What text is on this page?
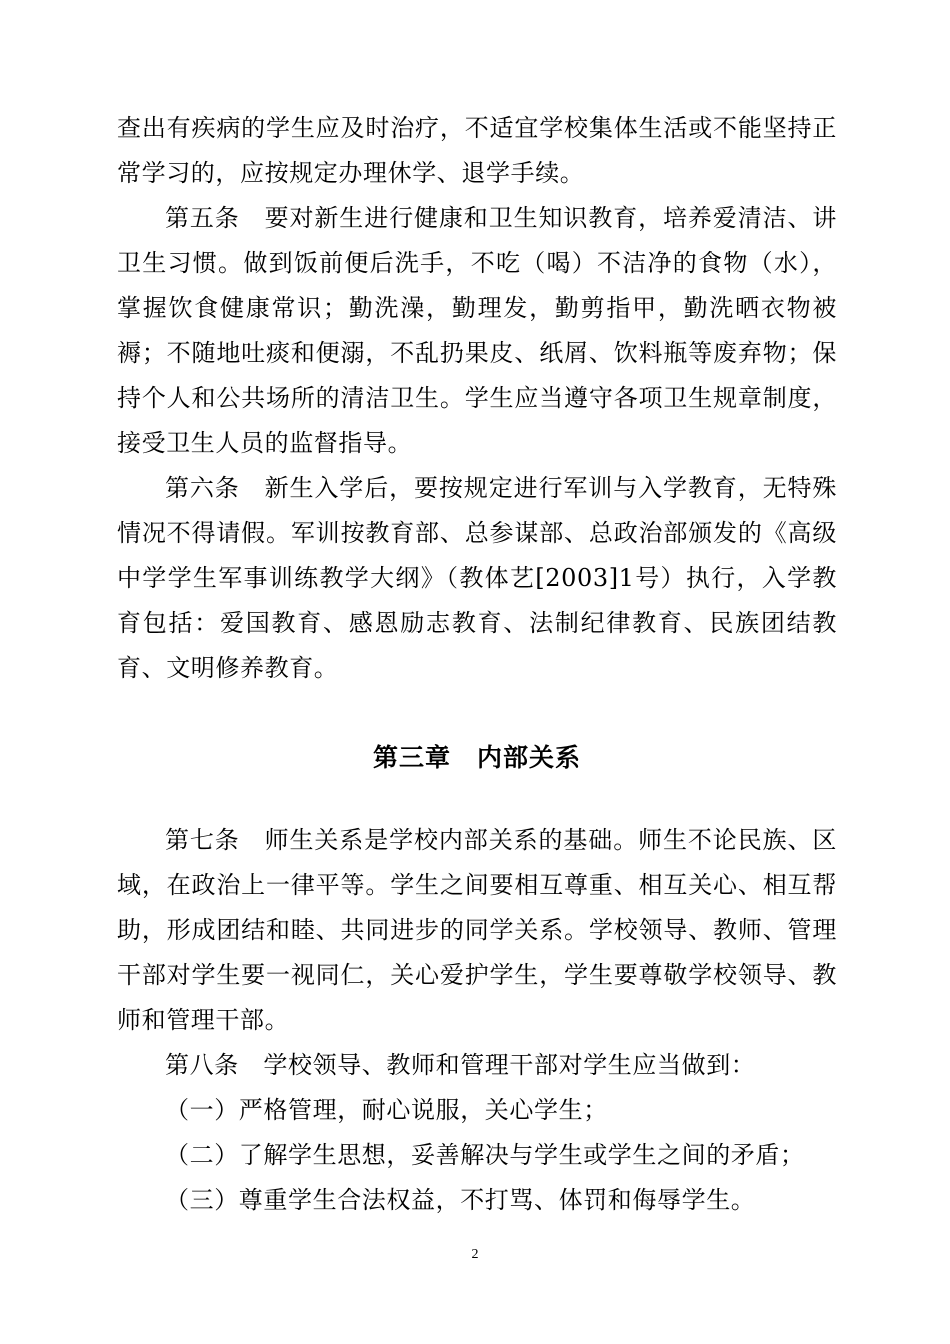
查出有疾病的学生应及时治疗，不适宜学校集体生活或不能坚持正常学习的，应按规定办理休学、退学手续。

第五条　要对新生进行健康和卫生知识教育，培养爱清洁、讲卫生习惯。做到饭前便后洗手，不吃（喝）不洁净的食物（水），掌握饮食健康常识；勤洗澡，勤理发，勤剪指甲，勤洗晒衣物被褥；不随地吐痰和便溺，不乱扔果皮、纸屑、饮料瓶等废弃物；保持个人和公共场所的清洁卫生。学生应当遵守各项卫生规章制度，接受卫生人员的监督指导。

第六条　新生入学后，要按规定进行军训与入学教育，无特殊情况不得请假。军训按教育部、总参谋部、总政治部颁发的《高级中学学生军事训练教学大纲》（教体艺[2003]1号）执行，入学教育包括：爱国教育、感恩励志教育、法制纪律教育、民族团结教育、文明修养教育。

第三章　内部关系

第七条　师生关系是学校内部关系的基础。师生不论民族、区域，在政治上一律平等。学生之间要相互尊重、相互关心、相互帮助，形成团结和睦、共同进步的同学关系。学校领导、教师、管理干部对学生要一视同仁，关心爱护学生，学生要尊敬学校领导、教师和管理干部。

第八条　学校领导、教师和管理干部对学生应当做到：

（一）严格管理，耐心说服，关心学生；

（二）了解学生思想，妥善解决与学生或学生之间的矛盾；

（三）尊重学生合法权益，不打骂、体罚和侮辱学生。

2
